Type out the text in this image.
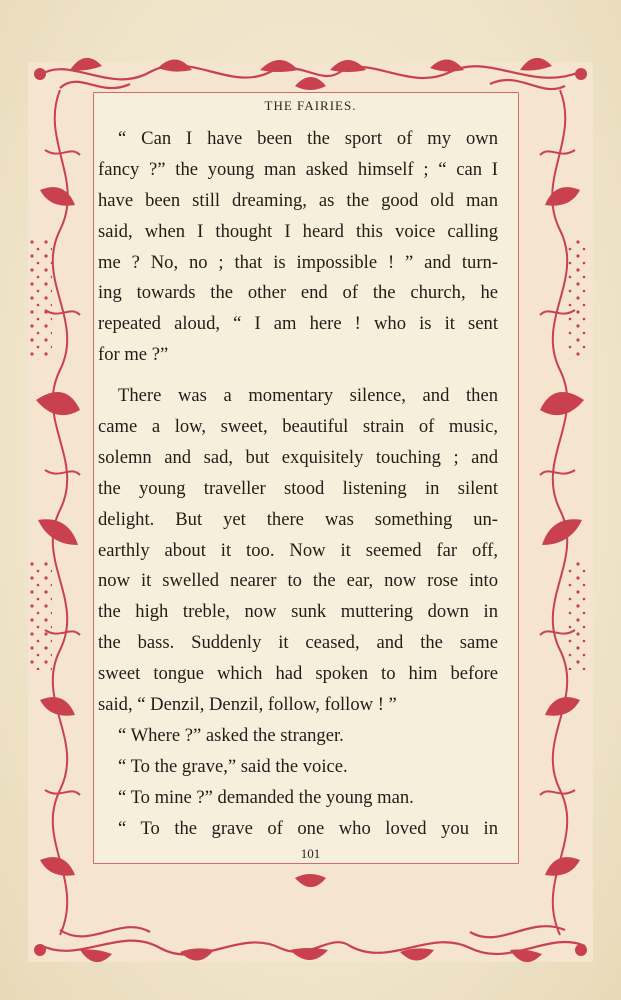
THE FAIRIES.
“ Can I have been the sport of my own
fancy ?” the young man asked himself ; “ can I
have been still dreaming, as the good old man
said, when I thought I heard this voice calling
me ? No, no ; that is impossible ! ” and turn-
ing towards the other end of the church, he
repeated aloud, “ I am here ! who is it sent
for me ?”
There was a momentary silence, and then
came a low, sweet, beautiful strain of music,
solemn and sad, but exquisitely touching ; and
the young traveller stood listening in silent
delight. But yet there was something un-
earthly about it too. Now it seemed far off,
now it swelled nearer to the ear, now rose into
the high treble, now sunk muttering down in
the bass. Suddenly it ceased, and the same
sweet tongue which had spoken to him before
said, “ Denzil, Denzil, follow, follow ! ”
“ Where ?” asked the stranger.
“ To the grave,” said the voice.
“ To mine ?” demanded the young man.
“ To the grave of one who loved you in
101
